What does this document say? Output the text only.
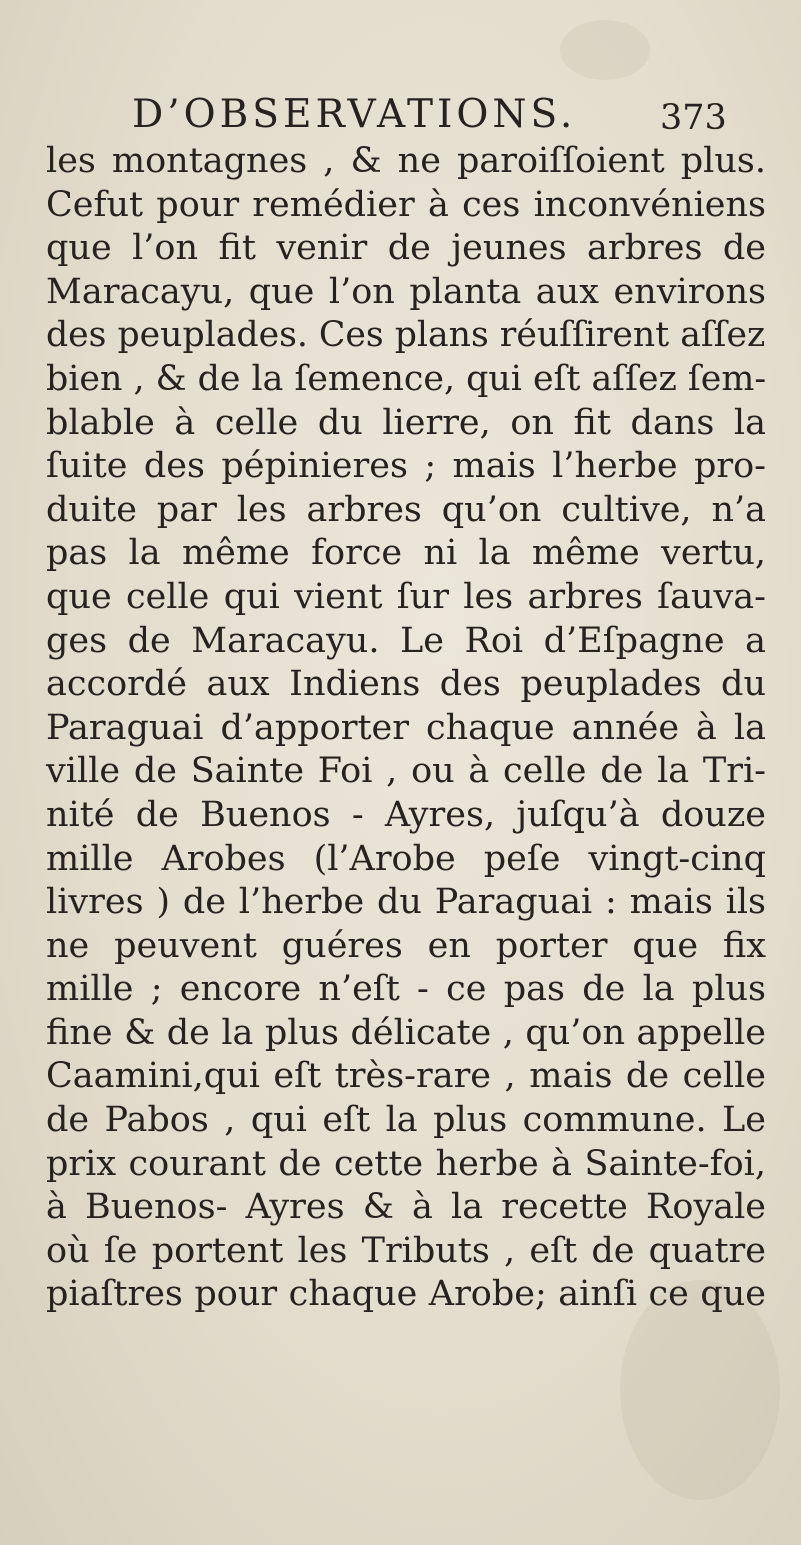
D’OBSERVATIONS. 373
les montagnes , & ne paroiſſoient plus.
Cefut pour remédier à ces inconvéniens
que l’on fit venir de jeunes arbres de
Maracayu, que l’on planta aux environs
des peuplades. Ces plans réuſſirent aſſez
bien , & de la ſemence, qui eſt aſſez ſem-
blable à celle du lierre, on fit dans la
ſuite des pépinieres ; mais l’herbe pro-
duite par les arbres qu’on cultive, n’a
pas la même force ni la même vertu,
que celle qui vient ſur les arbres ſauva-
ges de Maracayu. Le Roi d’Eſpagne a
accordé aux Indiens des peuplades du
Paraguai d’apporter chaque année à la
ville de Sainte Foi , ou à celle de la Tri-
nité de Buenos - Ayres, juſqu’à douze
mille Arobes (l’Arobe peſe vingt-cinq
livres ) de l’herbe du Paraguai : mais ils
ne peuvent guéres en porter que fix
mille ; encore n’eſt - ce pas de la plus
fine & de la plus délicate , qu’on appelle
Caamini,qui eſt très-rare , mais de celle
de Pabos , qui eſt la plus commune. Le
prix courant de cette herbe à Sainte-foi,
à Buenos- Ayres & à la recette Royale
où ſe portent les Tributs , eſt de quatre
piaſtres pour chaque Arobe; ainſi ce que
